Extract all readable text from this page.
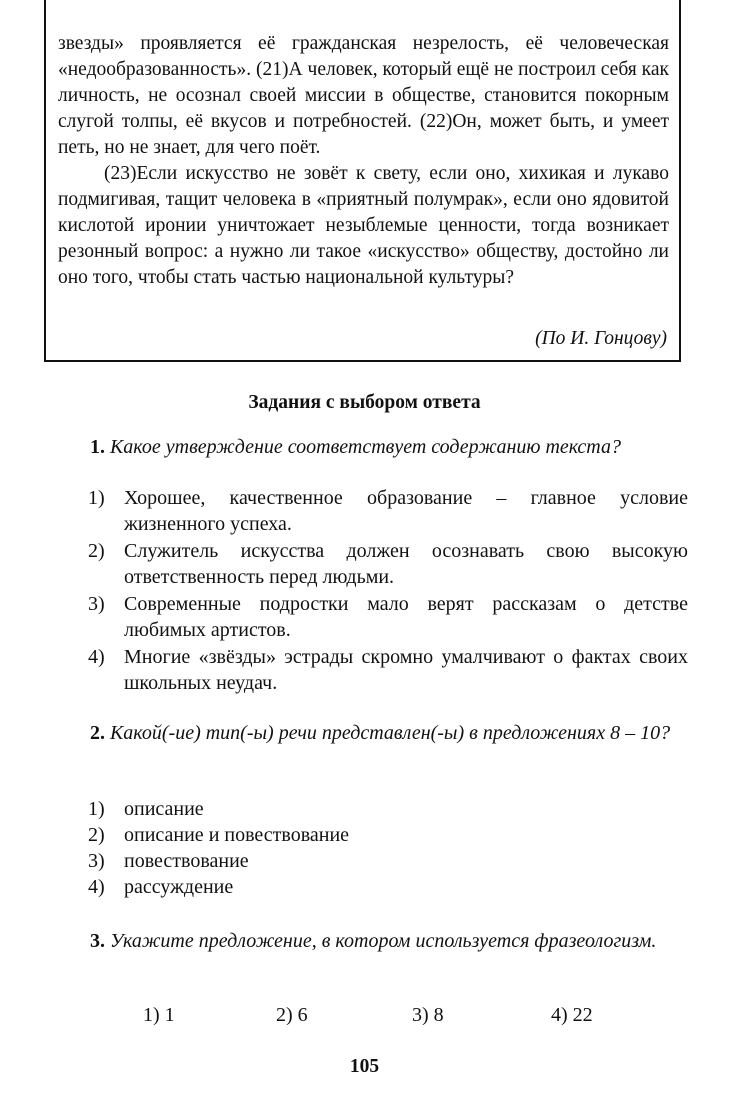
звезды» проявляется её гражданская незрелость, её человеческая «недообразованность». (21)А человек, который ещё не построил себя как личность, не осознал своей миссии в обществе, становится покорным слугой толпы, её вкусов и потребностей. (22)Он, может быть, и умеет петь, но не знает, для чего поёт.

(23)Если искусство не зовёт к свету, если оно, хихикая и лукаво подмигивая, тащит человека в «приятный полумрак», если оно ядовитой кислотой иронии уничтожает незыблемые ценности, тогда возникает резонный вопрос: а нужно ли такое «искусство» обществу, достойно ли оно того, чтобы стать частью национальной культуры?

(По И. Гонцову)
Задания с выбором ответа
1. Какое утверждение соответствует содержанию текста?
1) Хорошее, качественное образование – главное условие жизненного успеха.
2) Служитель искусства должен осознавать свою высокую ответственность перед людьми.
3) Современные подростки мало верят рассказам о детстве любимых артистов.
4) Многие «звёзды» эстрады скромно умалчивают о фактах своих школьных неудач.
2. Какой(-ие) тип(-ы) речи представлен(-ы) в предложениях 8 – 10?
1) описание
2) описание и повествование
3) повествование
4) рассуждение
3. Укажите предложение, в котором используется фразеологизм.
1) 1	2) 6	3) 8	4) 22
105
